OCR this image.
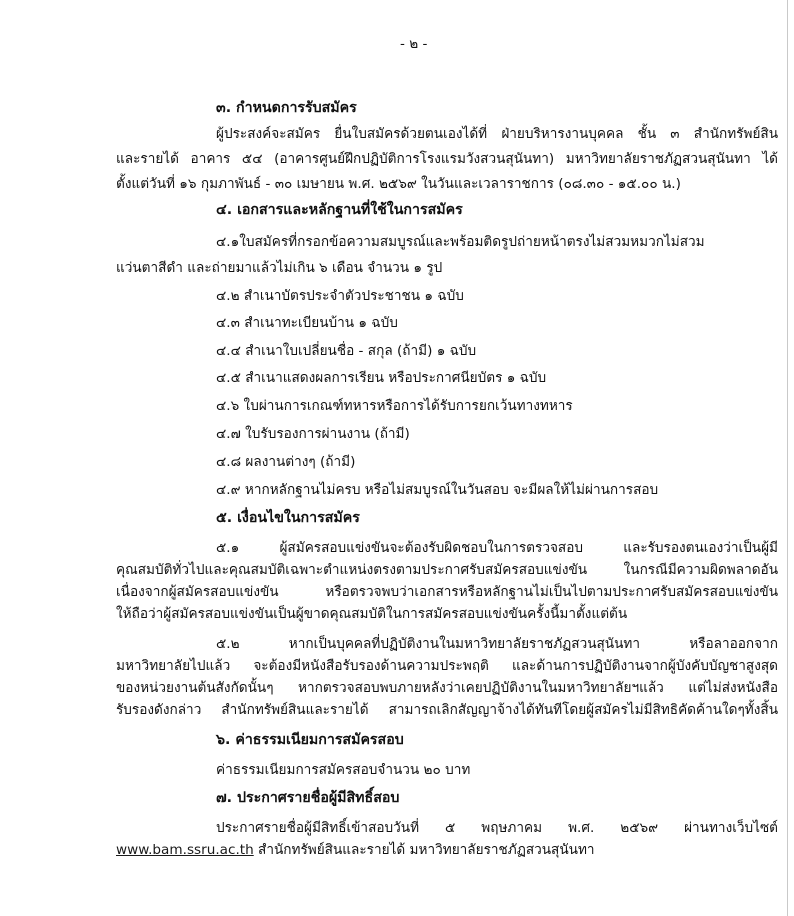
- ๒ -
๓. กำหนดการรับสมัคร
ผู้ประสงค์จะสมัคร ยื่นใบสมัครด้วยตนเองได้ที่ ฝ่ายบริหารงานบุคคล ชั้น ๓ สำนักทรัพย์สิน
และรายได้ อาคาร ๕๔ (อาคารศูนย์ฝึกปฏิบัติการโรงแรมวังสวนสุนันทา) มหาวิทยาลัยราชภัฏสวนสุนันทา ได้
ตั้งแต่วันที่ ๑๖ กุมภาพันธ์ - ๓๐ เมษายน พ.ศ. ๒๕๖๙ ในวันและเวลาราชการ (๐๘.๓๐ - ๑๕.๐๐ น.)
๔. เอกสารและหลักฐานที่ใช้ในการสมัคร
๔.๑ใบสมัครที่กรอกข้อความสมบูรณ์และพร้อมติดรูปถ่ายหน้าตรงไม่สวมหมวกไม่สวม
แว่นตาสีดำ และถ่ายมาแล้วไม่เกิน ๖ เดือน จำนวน ๑ รูป
๔.๒ สำเนาบัตรประจำตัวประชาชน ๑ ฉบับ
๔.๓ สำเนาทะเบียนบ้าน ๑ ฉบับ
๔.๔ สำเนาใบเปลี่ยนชื่อ - สกุล (ถ้ามี) ๑ ฉบับ
๔.๕ สำเนาแสดงผลการเรียน หรือประกาศนียบัตร ๑ ฉบับ
๔.๖ ใบผ่านการเกณฑ์ทหารหรือการได้รับการยกเว้นทางทหาร
๔.๗ ใบรับรองการผ่านงาน (ถ้ามี)
๔.๘ ผลงานต่างๆ (ถ้ามี)
๔.๙ หากหลักฐานไม่ครบ หรือไม่สมบูรณ์ในวันสอบ จะมีผลให้ไม่ผ่านการสอบ
๕. เงื่อนไขในการสมัคร
๕.๑	ผู้สมัครสอบแข่งขันจะต้องรับผิดชอบในการตรวจสอบ	และรับรองตนเองว่าเป็นผู้มี
คุณสมบัติทั่วไปและคุณสมบัติเฉพาะตำแหน่งตรงตามประกาศรับสมัครสอบแข่งขัน	ในกรณีมีความผิดพลาดอัน
เนื่องจากผู้สมัครสอบแข่งขัน	หรือตรวจพบว่าเอกสารหรือหลักฐานไม่เป็นไปตามประกาศรับสมัครสอบแข่งขัน
ให้ถือว่าผู้สมัครสอบแข่งขันเป็นผู้ขาดคุณสมบัติในการสมัครสอบแข่งขันครั้งนี้มาตั้งแต่ต้น
๕.๒	หากเป็นบุคคลที่ปฏิบัติงานในมหาวิทยาลัยราชภัฏสวนสุนันทา	หรือลาออกจาก
มหาวิทยาลัยไปแล้ว จะต้องมีหนังสือรับรองด้านความประพฤติ และด้านการปฏิบัติงานจากผู้บังคับบัญชาสูงสุด
ของหน่วยงานต้นสังกัดนั้นๆ หากตรวจสอบพบภายหลังว่าเคยปฏิบัติงานในมหาวิทยาลัยฯแล้ว แต่ไม่ส่งหนังสือ
รับรองดังกล่าว สำนักทรัพย์สินและรายได้ สามารถเลิกสัญญาจ้างได้ทันทีโดยผู้สมัครไม่มีสิทธิคัดค้านใดๆทั้งสิ้น
๖. ค่าธรรมเนียมการสมัครสอบ
ค่าธรรมเนียมการสมัครสอบจำนวน ๒๐ บาท
๗. ประกาศรายชื่อผู้มีสิทธิ์สอบ
ประกาศรายชื่อผู้มีสิทธิ์เข้าสอบวันที่ ๕ พฤษภาคม พ.ศ. ๒๕๖๙ ผ่านทางเว็บไซต์
www.bam.ssru.ac.th สำนักทรัพย์สินและรายได้ มหาวิทยาลัยราชภัฏสวนสุนันทา
